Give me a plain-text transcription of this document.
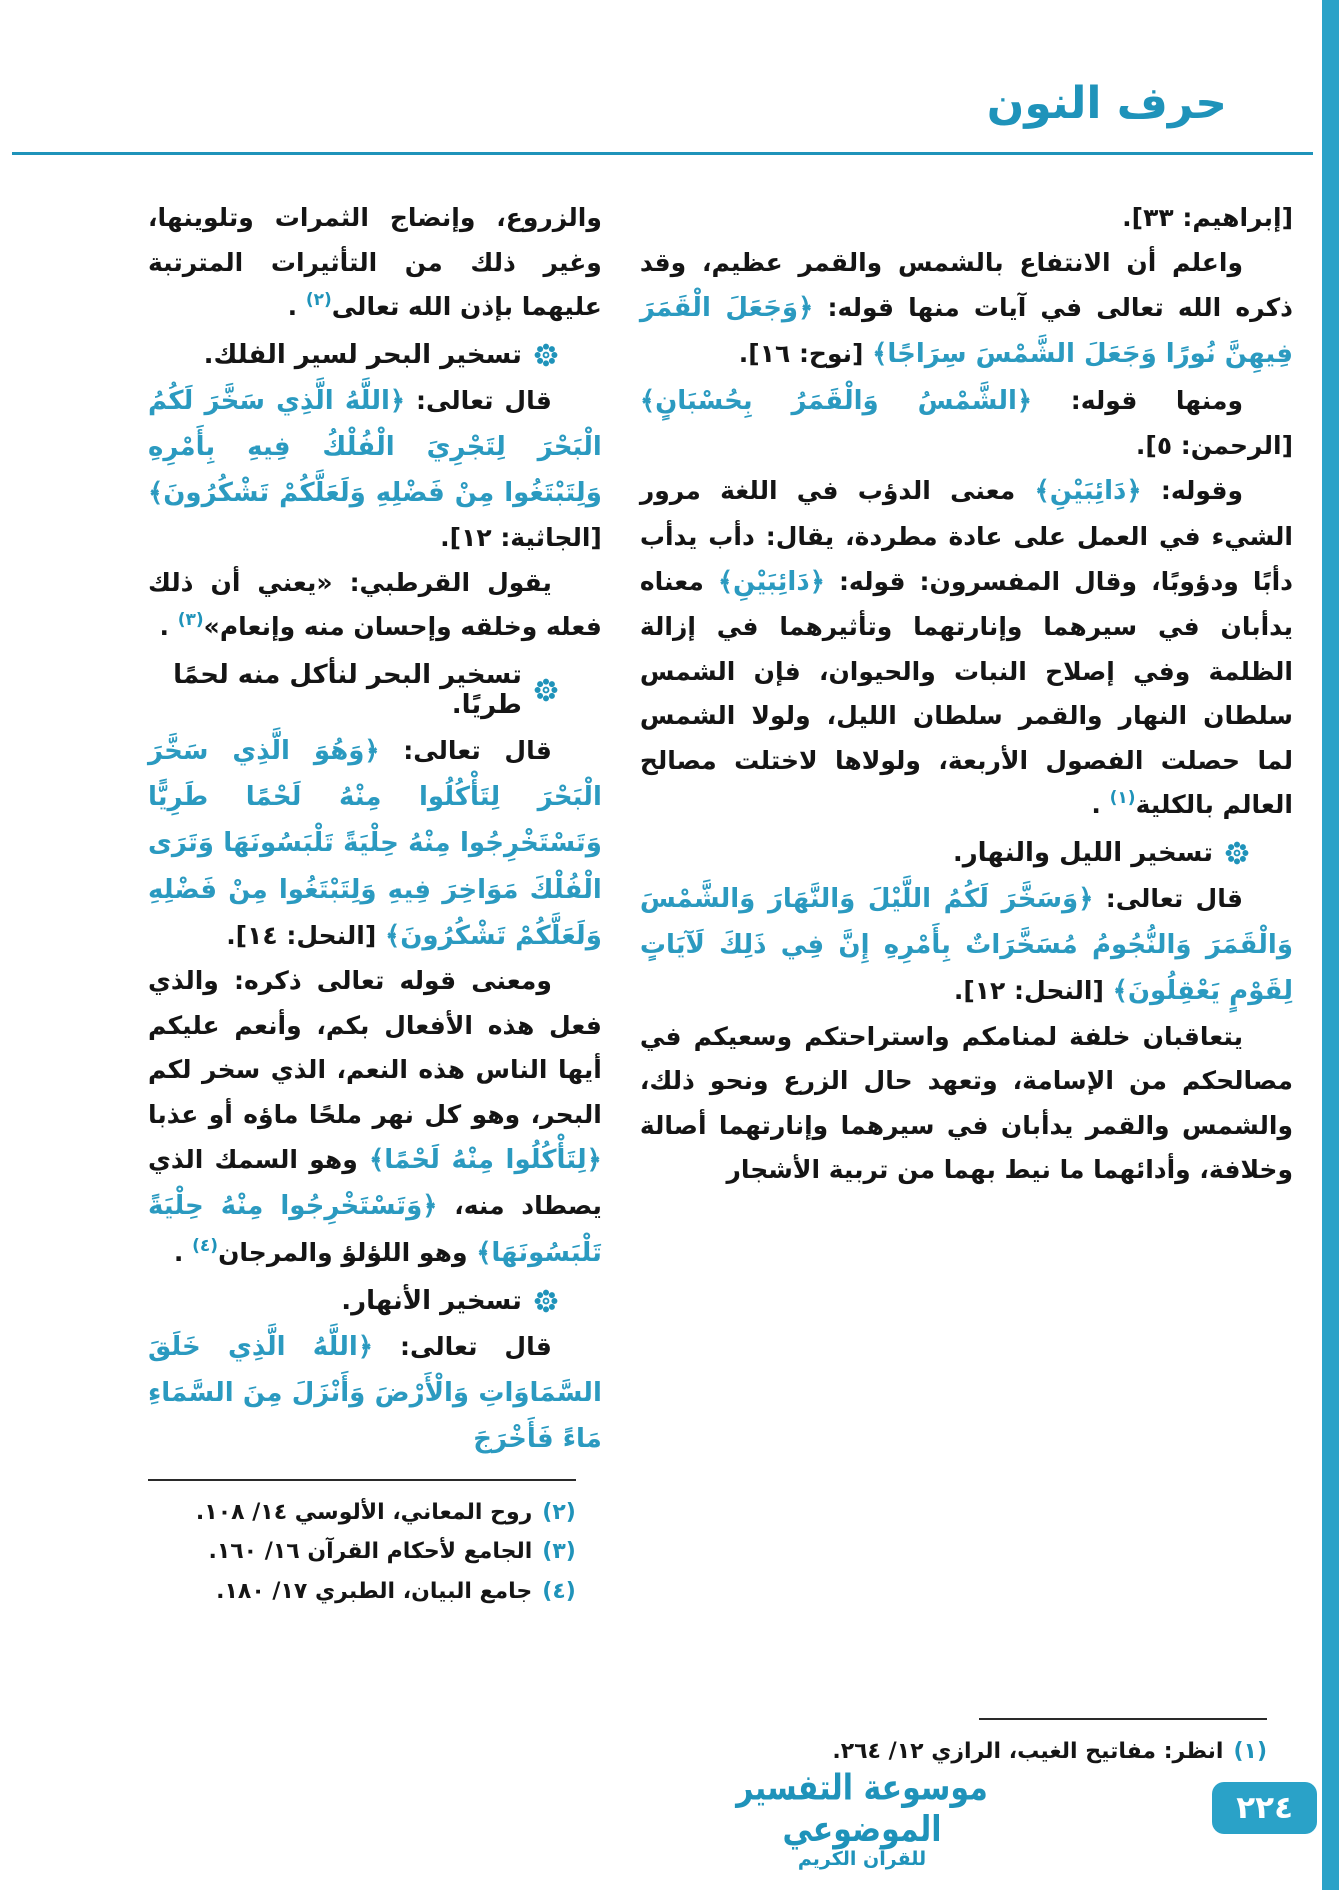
حرف النون

[إبراهيم: ٣٣].

واعلم أن الانتفاع بالشمس والقمر عظيم، وقد ذكره الله تعالى في آيات منها قوله: ﴿وَجَعَلَ الْقَمَرَ فِيهِنَّ نُورًا وَجَعَلَ الشَّمْسَ سِرَاجًا﴾ [نوح: ١٦].

ومنها قوله: ﴿الشَّمْسُ وَالْقَمَرُ بِحُسْبَانٍ﴾ [الرحمن: ٥].

وقوله: ﴿دَائِبَيْنِ﴾ معنى الدؤب في اللغة مرور الشيء في العمل على عادة مطردة، يقال: دأب يدأب دأبًا ودؤوبًا، وقال المفسرون: قوله: ﴿دَائِبَيْنِ﴾ معناه يدأبان في سيرهما وإنارتهما وتأثيرهما في إزالة الظلمة وفي إصلاح النبات والحيوان، فإن الشمس سلطان النهار والقمر سلطان الليل، ولولا الشمس لما حصلت الفصول الأربعة، ولولاها لاختلت مصالح العالم بالكلية$^{(١)}$ .

تسخير الليل والنهار.

قال تعالى: ﴿وَسَخَّرَ لَكُمُ اللَّيْلَ وَالنَّهَارَ وَالشَّمْسَ وَالْقَمَرَ وَالنُّجُومُ مُسَخَّرَاتٌ بِأَمْرِهِ إِنَّ فِي ذَلِكَ لَآيَاتٍ لِقَوْمٍ يَعْقِلُونَ﴾ [النحل: ١٢].

يتعاقبان خلفة لمنامكم واستراحتكم وسعيكم في مصالحكم من الإسامة، وتعهد حال الزرع ونحو ذلك، والشمس والقمر يدأبان في سيرهما وإنارتهما أصالة وخلافة، وأدائهما ما نيط بهما من تربية الأشجار

(١)
انظر: مفاتيح الغيب، الرازي ١٢/ ٢٦٤.

والزروع، وإنضاج الثمرات وتلوينها، وغير ذلك من التأثيرات المترتبة عليهما بإذن الله تعالى$^{(٢)}$ .

تسخير البحر لسير الفلك.

قال تعالى: ﴿اللَّهُ الَّذِي سَخَّرَ لَكُمُ الْبَحْرَ لِتَجْرِيَ الْفُلْكُ فِيهِ بِأَمْرِهِ وَلِتَبْتَغُوا مِنْ فَضْلِهِ وَلَعَلَّكُمْ تَشْكُرُونَ﴾ [الجاثية: ١٢].

يقول القرطبي: «يعني أن ذلك فعله وخلقه وإحسان منه وإنعام»$^{(٣)}$ .

تسخير البحر لنأكل منه لحمًا طريًا.

قال تعالى: ﴿وَهُوَ الَّذِي سَخَّرَ الْبَحْرَ لِتَأْكُلُوا مِنْهُ لَحْمًا طَرِيًّا وَتَسْتَخْرِجُوا مِنْهُ حِلْيَةً تَلْبَسُونَهَا وَتَرَى الْفُلْكَ مَوَاخِرَ فِيهِ وَلِتَبْتَغُوا مِنْ فَضْلِهِ وَلَعَلَّكُمْ تَشْكُرُونَ﴾ [النحل: ١٤].

ومعنى قوله تعالى ذكره: والذي فعل هذه الأفعال بكم، وأنعم عليكم أيها الناس هذه النعم، الذي سخر لكم البحر، وهو كل نهر ملحًا ماؤه أو عذبا ﴿لِتَأْكُلُوا مِنْهُ لَحْمًا﴾ وهو السمك الذي يصطاد منه، ﴿وَتَسْتَخْرِجُوا مِنْهُ حِلْيَةً تَلْبَسُونَهَا﴾ وهو اللؤلؤ والمرجان$^{(٤)}$ .

تسخير الأنهار.

قال تعالى: ﴿اللَّهُ الَّذِي خَلَقَ السَّمَاوَاتِ وَالْأَرْضَ وَأَنْزَلَ مِنَ السَّمَاءِ مَاءً فَأَخْرَجَ

(٢)
روح المعاني، الألوسي ١٤/ ١٠٨.
(٣)
الجامع لأحكام القرآن ١٦/ ١٦٠.
(٤)
جامع البيان، الطبري ١٧/ ١٨٠.
موسوعة التفسير الموضوعي
للقرآن الكريم
٢٢٤
